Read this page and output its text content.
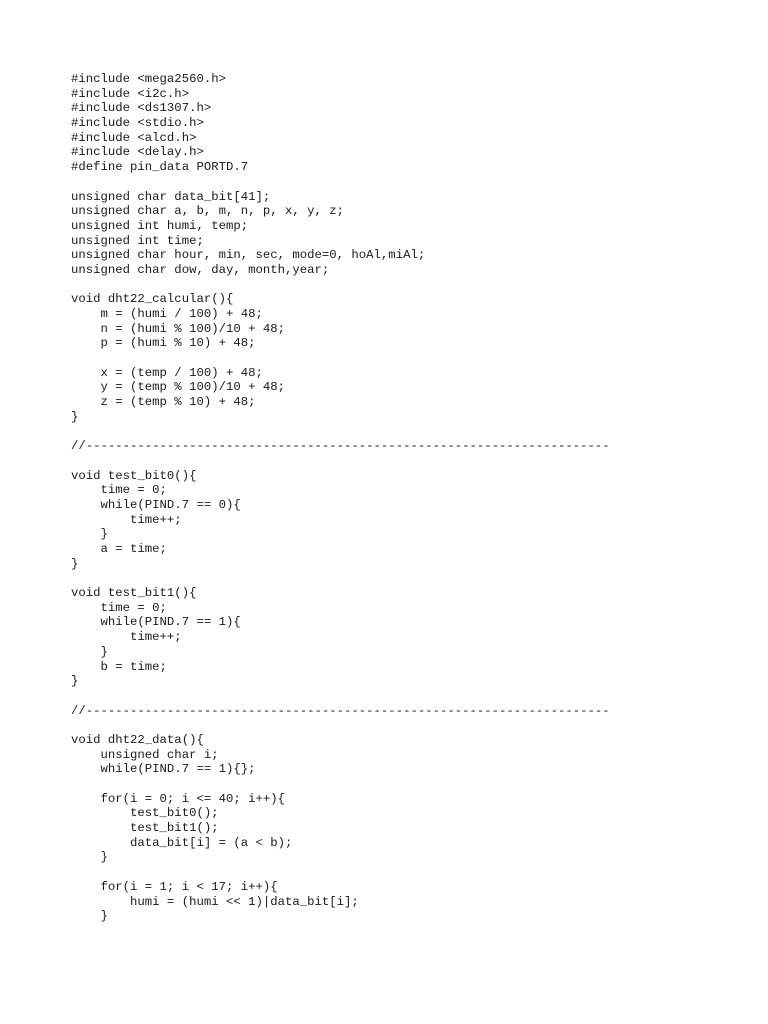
#include <mega2560.h>
#include <i2c.h>
#include <ds1307.h>
#include <stdio.h>
#include <alcd.h>
#include <delay.h>
#define pin_data PORTD.7
unsigned char data_bit[41];
unsigned char a, b, m, n, p, x, y, z;
unsigned int humi, temp;
unsigned int time;
unsigned char hour, min, sec, mode=0, hoAl,miAl;
unsigned char dow, day, month,year;
void dht22_calcular(){
m = (humi / 100) + 48;
n = (humi % 100)/10 + 48;
p = (humi % 10) + 48;
x = (temp / 100) + 48;
y = (temp % 100)/10 + 48;
z = (temp % 10) + 48;
}
//-----------------------------------------------------------------------
void test_bit0(){
time = 0;
while(PIND.7 == 0){
time++;
}
a = time;
}
void test_bit1(){
time = 0;
while(PIND.7 == 1){
time++;
}
b = time;
}
//-----------------------------------------------------------------------
void dht22_data(){
unsigned char i;
while(PIND.7 == 1){};
for(i = 0; i <= 40; i++){
test_bit0();
test_bit1();
data_bit[i] = (a < b);
}
for(i = 1; i < 17; i++){
humi = (humi << 1)|data_bit[i];
}
